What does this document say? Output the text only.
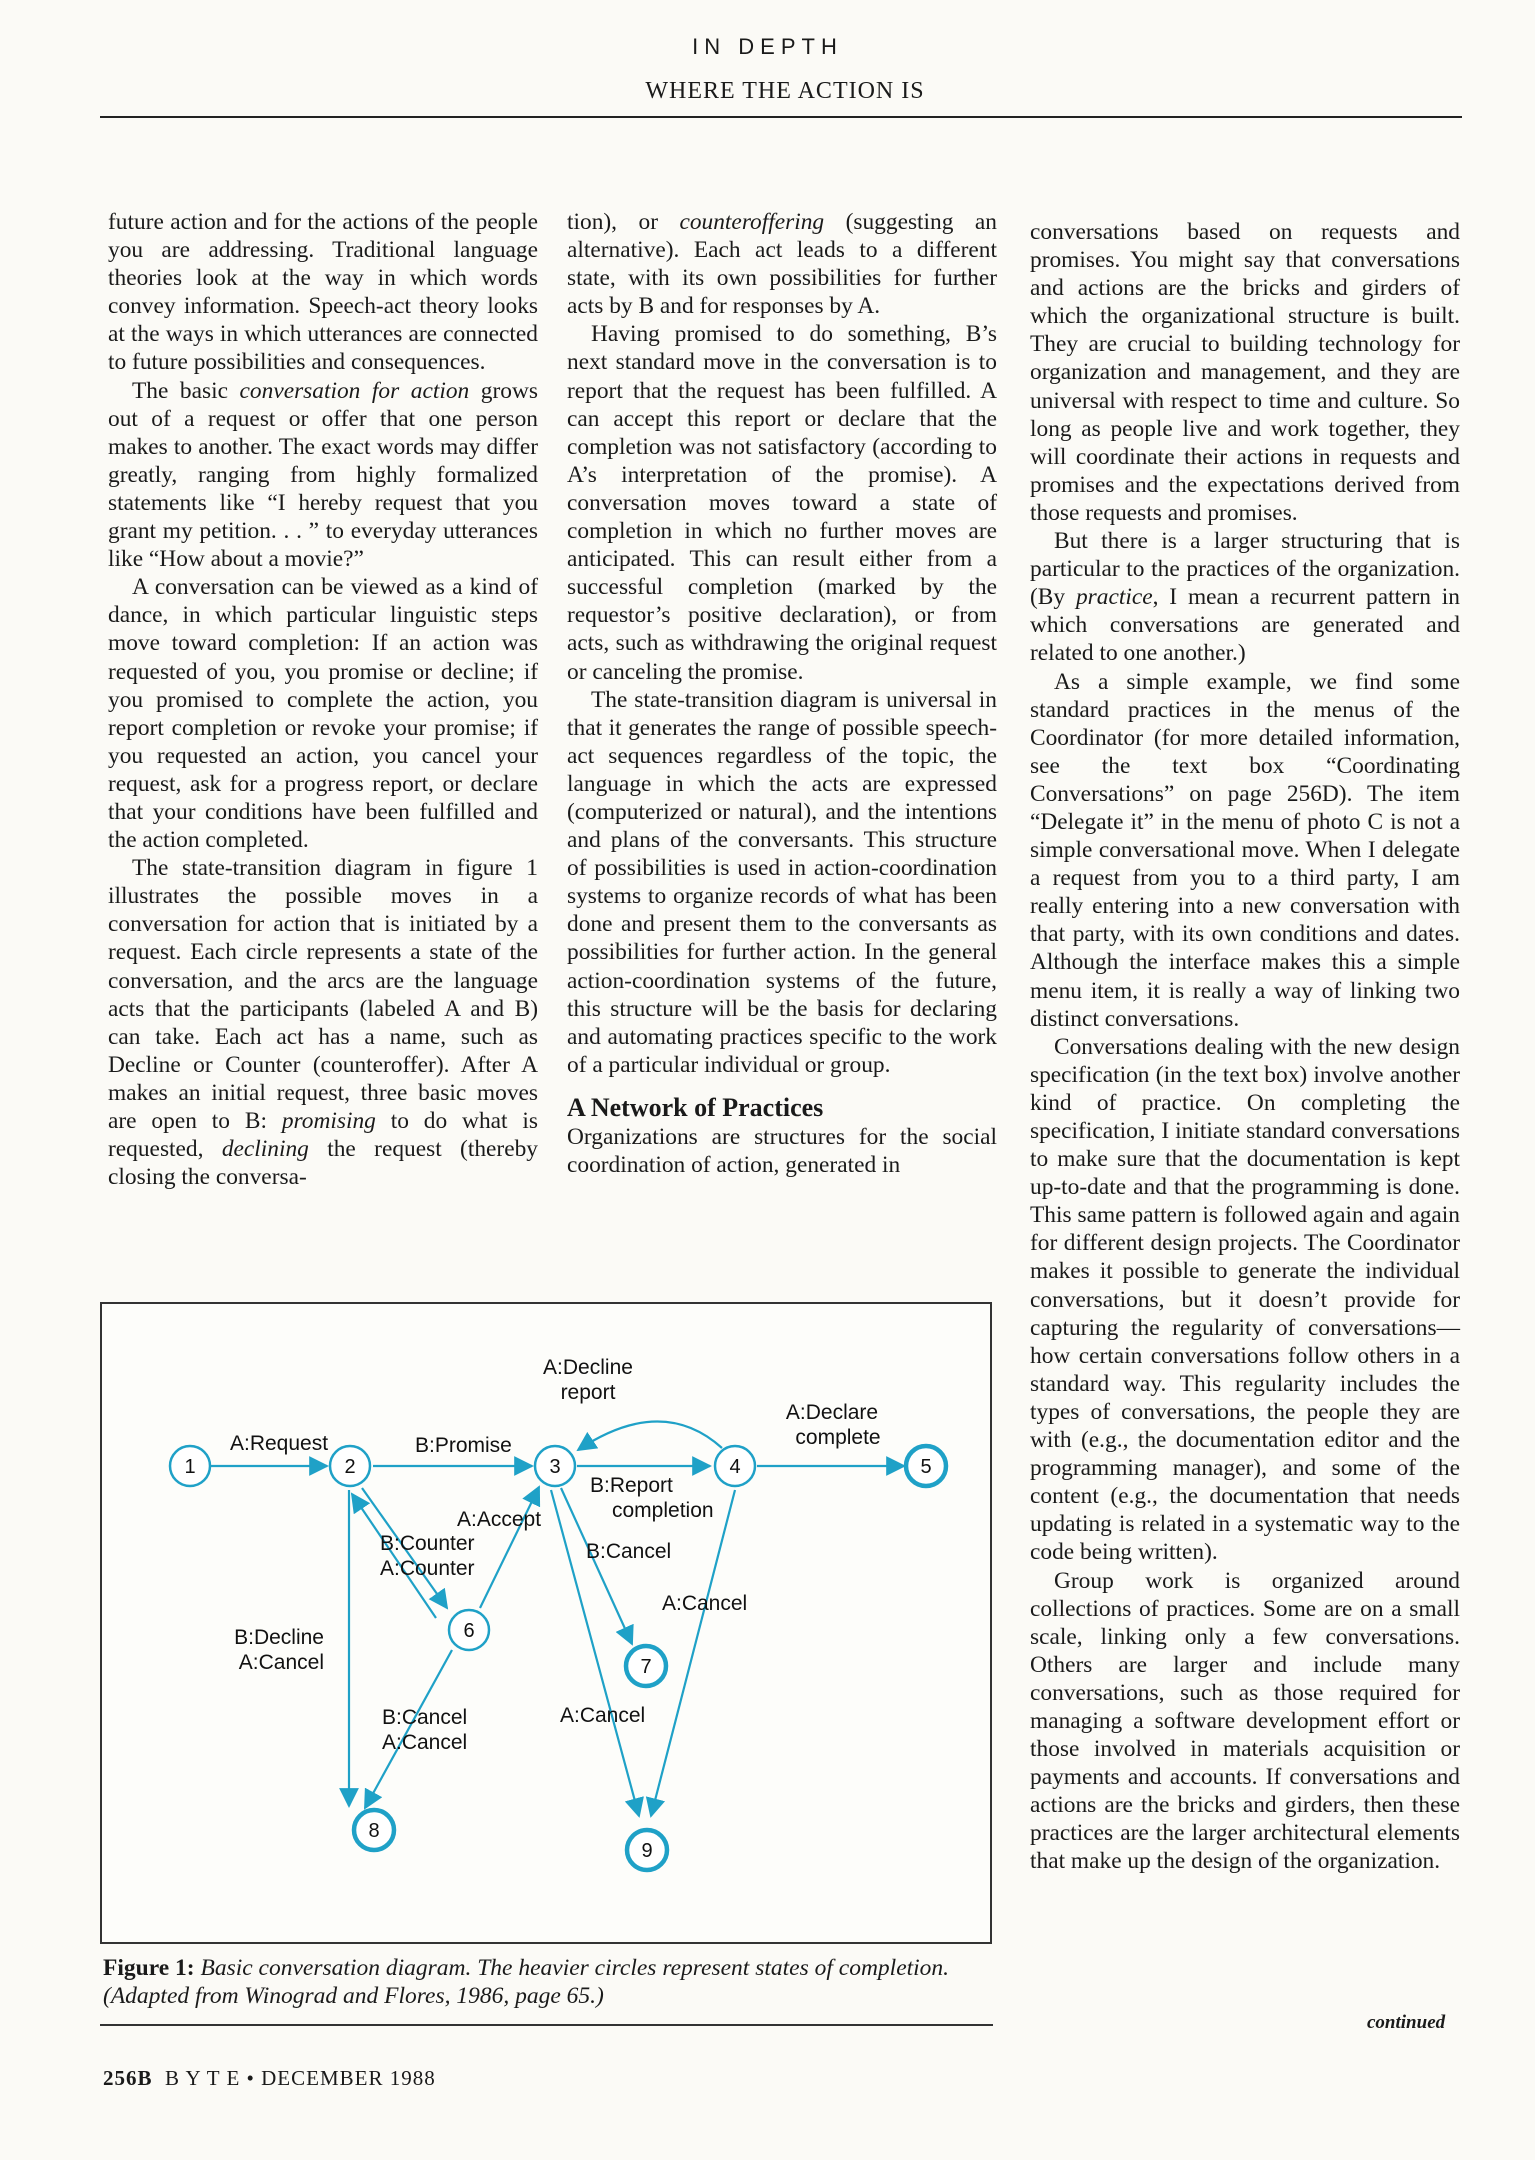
IN DEPTH
WHERE THE ACTION IS

future action and for the actions of the people you are addressing. Traditional language theories look at the way in which words convey information. Speech-act theory looks at the ways in which utterances are connected to future possibilities and consequences.

The basic conversation for action grows out of a request or offer that one person makes to another. The exact words may differ greatly, ranging from highly formalized statements like “I hereby request that you grant my petition. . . ” to everyday utterances like “How about a movie?”

A conversation can be viewed as a kind of dance, in which particular linguistic steps move toward completion: If an action was requested of you, you promise or decline; if you promised to complete the action, you report completion or revoke your promise; if you requested an action, you cancel your request, ask for a progress report, or declare that your conditions have been fulfilled and the action completed.

The state-transition diagram in figure 1 illustrates the possible moves in a conversation for action that is initiated by a request. Each circle represents a state of the conversation, and the arcs are the language acts that the participants (labeled A and B) can take. Each act has a name, such as Decline or Counter (counteroffer). After A makes an initial request, three basic moves are open to B: promising to do what is requested, declining the request (thereby closing the conversa-

tion), or counteroffering (suggesting an alternative). Each act leads to a different state, with its own possibilities for further acts by B and for responses by A.

Having promised to do something, B’s next standard move in the conversation is to report that the request has been fulfilled. A can accept this report or declare that the completion was not satisfactory (according to A’s interpretation of the promise). A conversation moves toward a state of completion in which no further moves are anticipated. This can result either from a successful completion (marked by the requestor’s positive declaration), or from acts, such as withdrawing the original request or canceling the promise.

The state-transition diagram is universal in that it generates the range of possible speech-act sequences regardless of the topic, the language in which the acts are expressed (computerized or natural), and the intentions and plans of the conversants. This structure of possibilities is used in action-coordination systems to organize records of what has been done and present them to the conversants as possibilities for further action. In the general action-coordination systems of the future, this structure will be the basis for declaring and automating practices specific to the work of a particular individual or group.

A Network of Practices

Organizations are structures for the social coordination of action, generated in

conversations based on requests and promises. You might say that conversations and actions are the bricks and girders of which the organizational structure is built. They are crucial to building technology for organization and management, and they are universal with respect to time and culture. So long as people live and work together, they will coordinate their actions in requests and promises and the expectations derived from those requests and promises.

But there is a larger structuring that is particular to the practices of the organization. (By practice, I mean a recurrent pattern in which conversations are generated and related to one another.)

As a simple example, we find some standard practices in the menus of the Coordinator (for more detailed information, see the text box “Coordinating Conversations” on page 256D). The item “Delegate it” in the menu of photo C is not a simple conversational move. When I delegate a request from you to a third party, I am really entering into a new conversation with that party, with its own conditions and dates. Although the interface makes this a simple menu item, it is really a way of linking two distinct conversations.

Conversations dealing with the new design specification (in the text box) involve another kind of practice. On completing the specification, I initiate standard conversations to make sure that the documentation is kept up-to-date and that the programming is done. This same pattern is followed again and again for different design projects. The Coordinator makes it possible to generate the individual conversations, but it doesn’t provide for capturing the regularity of conversations—how certain conversations follow others in a standard way. This regularity includes the types of conversations, the people they are with (e.g., the documentation editor and the programming manager), and some of the content (e.g., the documentation that needs updating is related in a systematic way to the code being written).

Group work is organized around collections of practices. Some are on a small scale, linking only a few conversations. Others are larger and include many conversations, such as those required for managing a software development effort or those involved in materials acquisition or payments and accounts. If conversations and actions are the bricks and girders, then these practices are the larger architectural elements that make up the design of the organization.

1	2	3	4	5
6
7
8
9
A:Request	B:Promise
A:Decline
report
A:Declare
complete
B:Report
completion
A:Accept
B:Counter
A:Counter
B:Decline
A:Cancel
B:Cancel
A:Cancel
B:Cancel
A:Cancel
A:Cancel
Figure 1: Basic conversation diagram. The heavier circles represent states of completion. (Adapted from Winograd and Flores, 1986, page 65.)
continued
256B B Y T E • DECEMBER 1988
